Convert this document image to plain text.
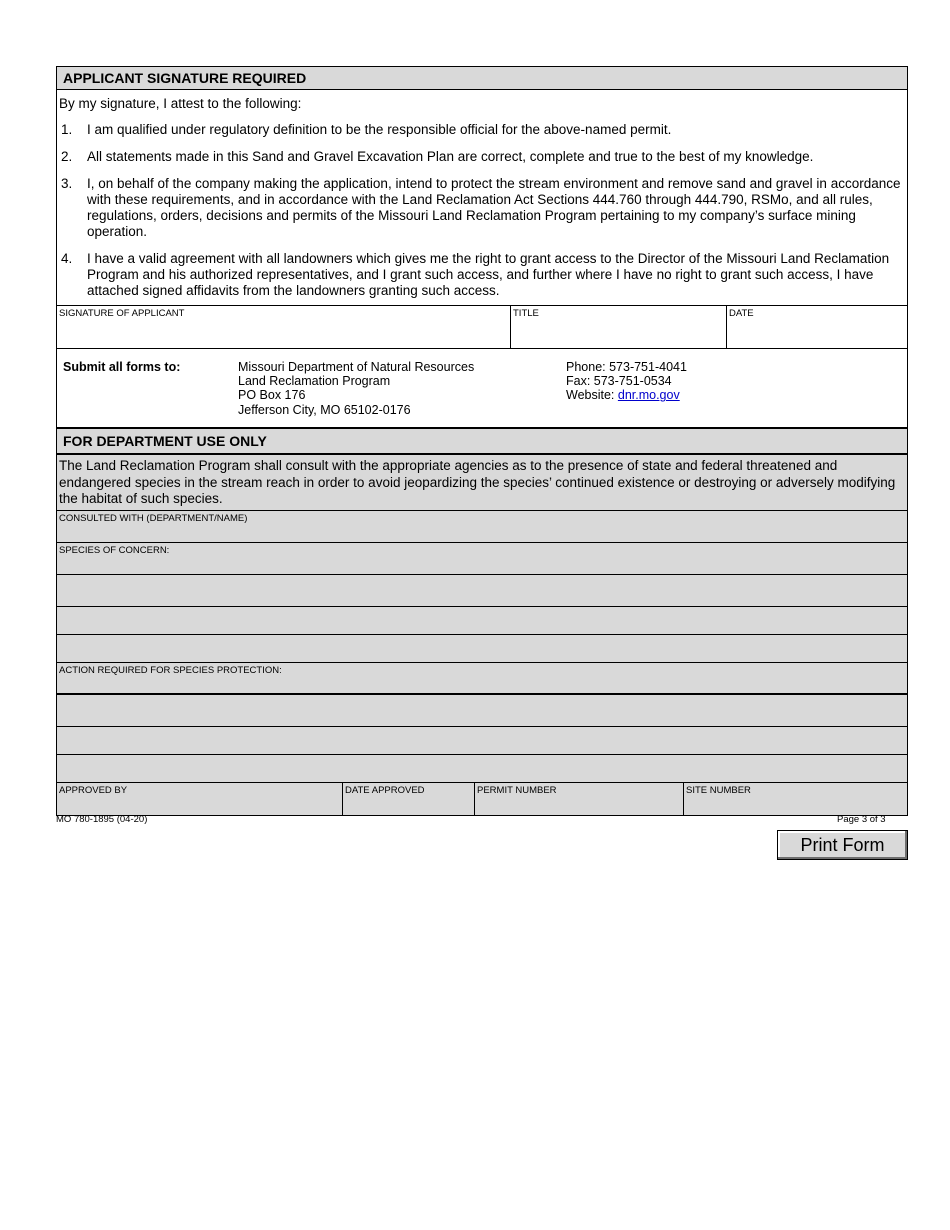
APPLICANT SIGNATURE REQUIRED
By my signature, I attest to the following:
1. I am qualified under regulatory definition to be the responsible official for the above-named permit.
2. All statements made in this Sand and Gravel Excavation Plan are correct, complete and true to the best of my knowledge.
3. I, on behalf of the company making the application, intend to protect the stream environment and remove sand and gravel in accordance with these requirements, and in accordance with the Land Reclamation Act Sections 444.760 through 444.790, RSMo, and all rules, regulations, orders, decisions and permits of the Missouri Land Reclamation Program pertaining to my company’s surface mining operation.
4. I have a valid agreement with all landowners which gives me the right to grant access to the Director of the Missouri Land Reclamation Program and his authorized representatives, and I grant such access, and further where I have no right to grant such access, I have attached signed affidavits from the landowners granting such access.
SIGNATURE OF APPLICANT	TITLE	DATE
Submit all forms to:	Missouri Department of Natural Resources
Land Reclamation Program
PO Box 176
Jefferson City, MO 65102-0176
Phone: 573-751-4041
Fax: 573-751-0534
Website: dnr.mo.gov
FOR DEPARTMENT USE ONLY
The Land Reclamation Program shall consult with the appropriate agencies as to the presence of state and federal threatened and endangered species in the stream reach in order to avoid jeopardizing the species’ continued existence or destroying or adversely modifying the habitat of such species.
CONSULTED WITH (DEPARTMENT/NAME)
SPECIES OF CONCERN:
ACTION REQUIRED FOR SPECIES PROTECTION:
APPROVED BY	DATE APPROVED	PERMIT NUMBER	SITE NUMBER
MO 780-1895 (04-20)	Page 3 of 3
Print Form
